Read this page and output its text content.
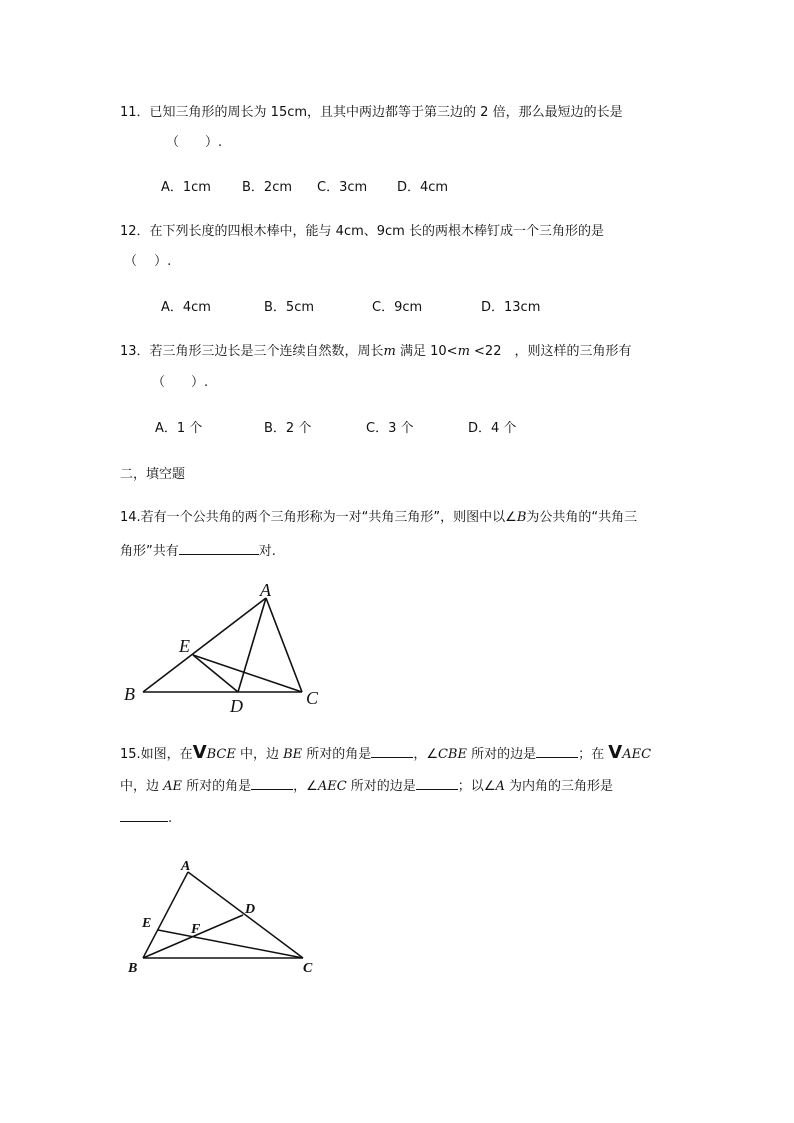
11．已知三角形的周长为 15cm，且其中两边都等于第三边的 2 倍，那么最短边的长是
（　　）.
A．1cm B．2cm C．3cm D．4cm
12．在下列长度的四根木棒中，能与 4cm、9cm 长的两根木棒钉成一个三角形的是
（　 ）.
A．4cm	B．5cm	C．9cm	D．13cm
13．若三角形三边长是三个连续自然数，周长m 满足 10<m <22　，则这样的三角形有
（　　）.
A．1 个	B．2 个	C．3 个	D．4 个
二，填空题
14.若有一个公共角的两个三角形称为一对“共角三角形”，则图中以∠B为公共角的“共角三
角形”共有	对.
A
E
B
D	C
15.如图，在VBCE 中，边 BE 所对的角是	，∠CBE 所对的边是	；在 VAEC
中，边 AE 所对的角是	，∠AEC 所对的边是	；以∠A 为内角的三角形是
.
A
D
E	F
B	C
